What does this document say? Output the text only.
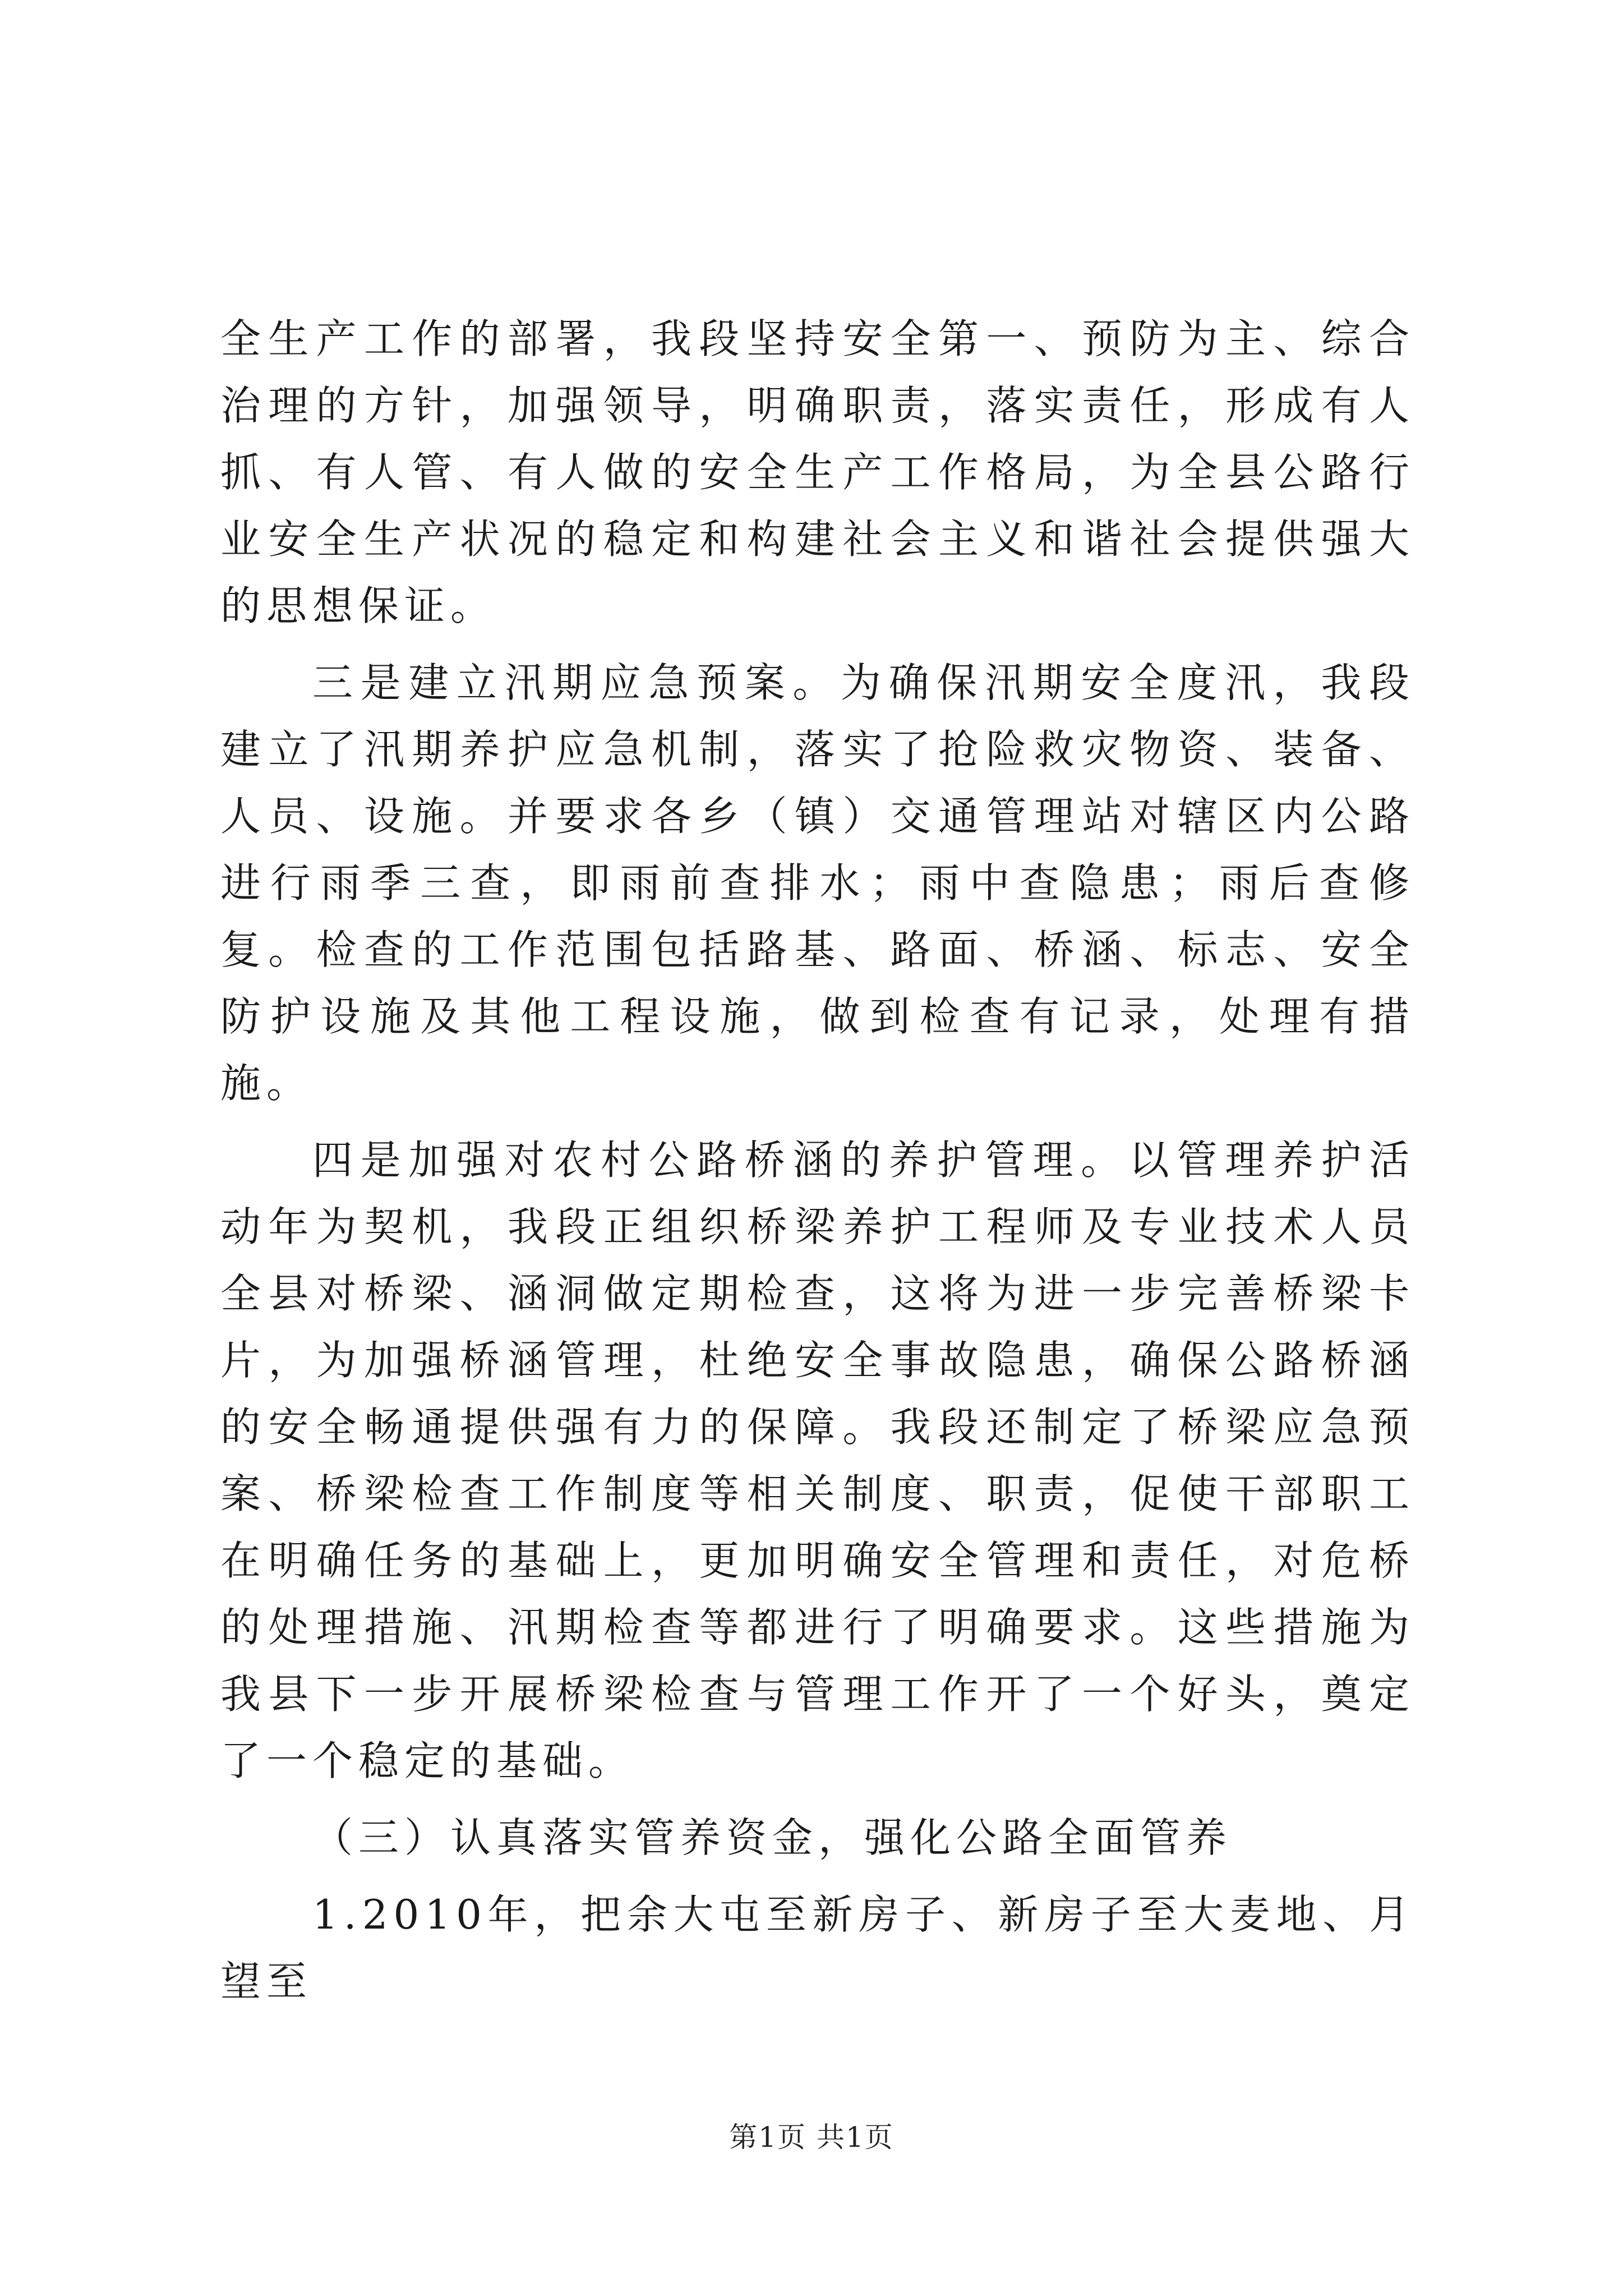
全生产工作的部署，我段坚持安全第一、预防为主、综合治理的方针，加强领导，明确职责，落实责任，形成有人抓、有人管、有人做的安全生产工作格局，为全县公路行业安全生产状况的稳定和构建社会主义和谐社会提供强大的思想保证。

三是建立汛期应急预案。为确保汛期安全度汛，我段建立了汛期养护应急机制，落实了抢险救灾物资、装备、人员、设施。并要求各乡（镇）交通管理站对辖区内公路进行雨季三查，即雨前查排水；雨中查隐患；雨后查修复。检查的工作范围包括路基、路面、桥涵、标志、安全防护设施及其他工程设施，做到检查有记录，处理有措施。

四是加强对农村公路桥涵的养护管理。以管理养护活动年为契机，我段正组织桥梁养护工程师及专业技术人员全县对桥梁、涵洞做定期检查，这将为进一步完善桥梁卡片，为加强桥涵管理，杜绝安全事故隐患，确保公路桥涵的安全畅通提供强有力的保障。我段还制定了桥梁应急预案、桥梁检查工作制度等相关制度、职责，促使干部职工在明确任务的基础上，更加明确安全管理和责任，对危桥的处理措施、汛期检查等都进行了明确要求。这些措施为我县下一步开展桥梁检查与管理工作开了一个好头，奠定了一个稳定的基础。

（三）认真落实管养资金，强化公路全面管养

1.2010年，把余大屯至新房子、新房子至大麦地、月望至

第1页 共1页
